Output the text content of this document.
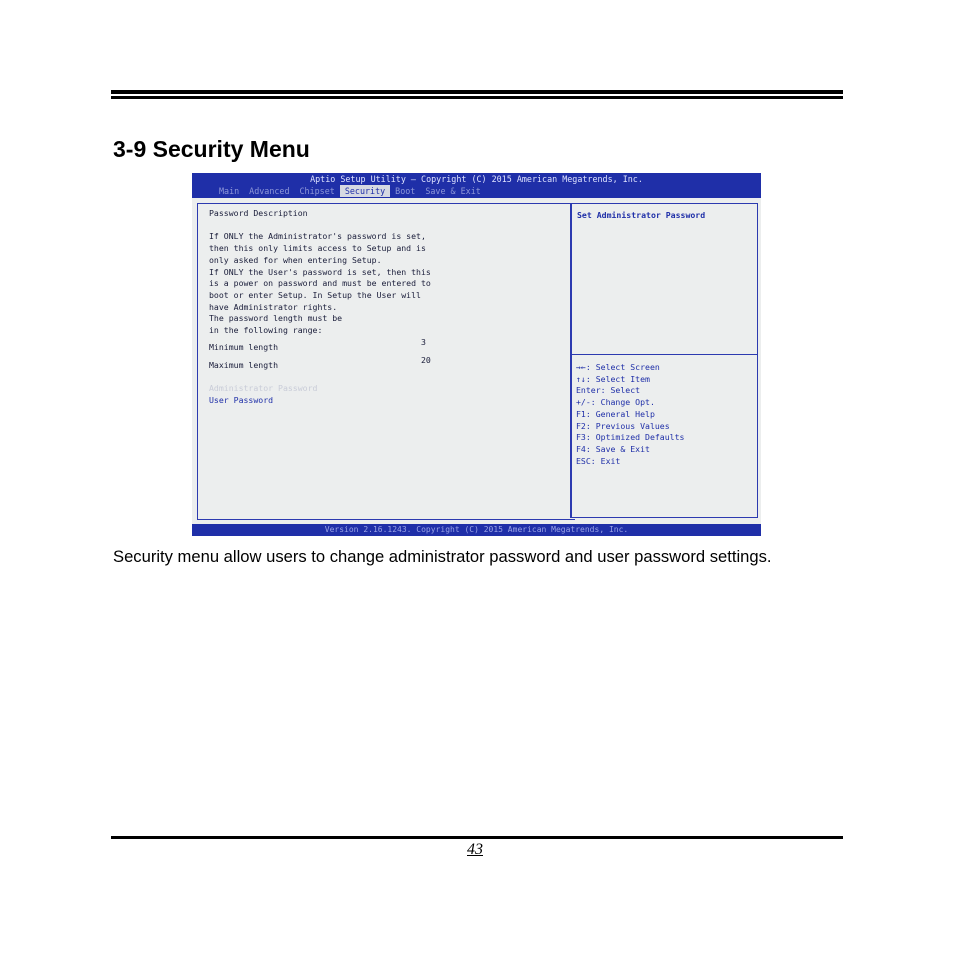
3-9 Security Menu
Aptio Setup Utility – Copyright (C) 2015 American Megatrends, Inc.
Main	Advanced	Chipset	Security	Boot	Save & Exit
Set Administrator Password
→←: Select Screen
↑↓: Select Item
Enter: Select
+/-: Change Opt.
F1: General Help
F2: Previous Values
F3: Optimized Defaults
F4: Save & Exit
ESC: Exit
Password Description

If ONLY the Administrator's password is set,
then this only limits access to Setup and is
only asked for when entering Setup.
If ONLY the User's password is set, then this
is a power on password and must be entered to
boot or enter Setup. In Setup the User will
have Administrator rights.
The password length must be
in the following range:
Minimum length	3
Maximum length	20
Administrator Password
User Password
Version 2.16.1243. Copyright (C) 2015 American Megatrends, Inc.

Security menu allow users to change administrator password and user password settings.

43
